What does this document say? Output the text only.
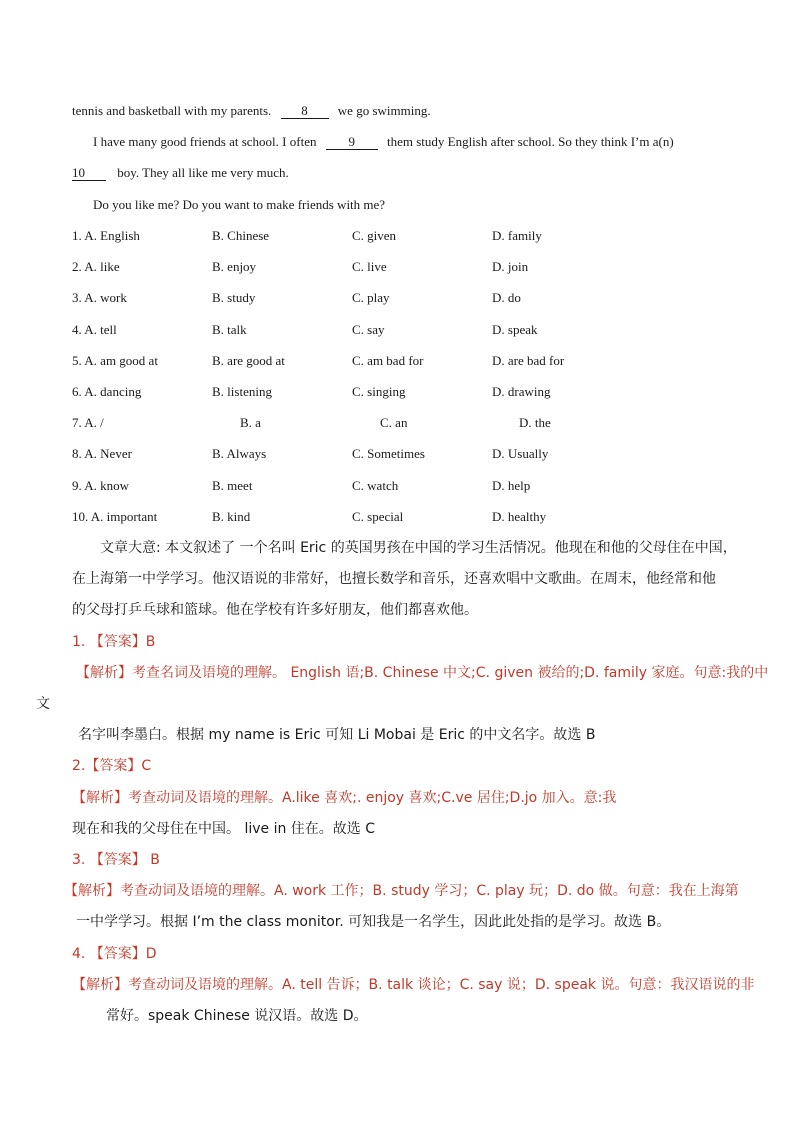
tennis and basketball with my parents. 8 we go swimming.
I have many good friends at school. I often 9 them study English after school. So they think I’m a(n)
10 boy. They all like me very much.
Do you like me? Do you want to make friends with me?
1. A. English	B. Chinese	C. given	D. family
2. A. like	B. enjoy	C. live	D. join
3. A. work	B. study	C. play	D. do
4. A. tell	B. talk	C. say	D. speak
5. A. am good at	B. are good at	C. am bad for	D. are bad for
6. A. dancing	B. listening	C. singing	D. drawing
7. A. /	B. a	C. an	D. the
8. A. Never	B. Always	C. Sometimes	D. Usually
9. A. know	B. meet	C. watch	D. help
10. A. important	B. kind	C. special	D. healthy
文章大意: 本文叙述了 一个名叫 Eric 的英国男孩在中国的学习生活情况。他现在和他的父母住在中国，
在上海第一中学学习。他汉语说的非常好，也擅长数学和音乐，还喜欢唱中文歌曲。在周末，他经常和他
的父母打乒乓球和篮球。他在学校有许多好朋友，他们都喜欢他。
1. 【答案】B
【解析】考查名词及语境的理解。 English 语;B. Chinese 中文;C. given 被给的;D. family 家庭。句意:我的中
文
名字叫李墨白。根据 my name is Eric 可知 Li Mobai 是 Eric 的中文名字。故选 B
2.【答案】C
【解析】考查动词及语境的理解。A.like 喜欢;. enjoy 喜欢;C.ve 居住;D.jo 加入。意:我
现在和我的父母住在中国。 live in 住在。故选 C
3. 【答案】 B
【解析】考查动词及语境的理解。A. work 工作；B. study 学习；C. play 玩；D. do 做。句意：我在上海第
一中学学习。根据 I’m the class monitor. 可知我是一名学生，因此此处指的是学习。故选 B。
4. 【答案】D
【解析】考查动词及语境的理解。A. tell 告诉；B. talk 谈论；C. say 说；D. speak 说。句意：我汉语说的非
常好。speak Chinese 说汉语。故选 D。
